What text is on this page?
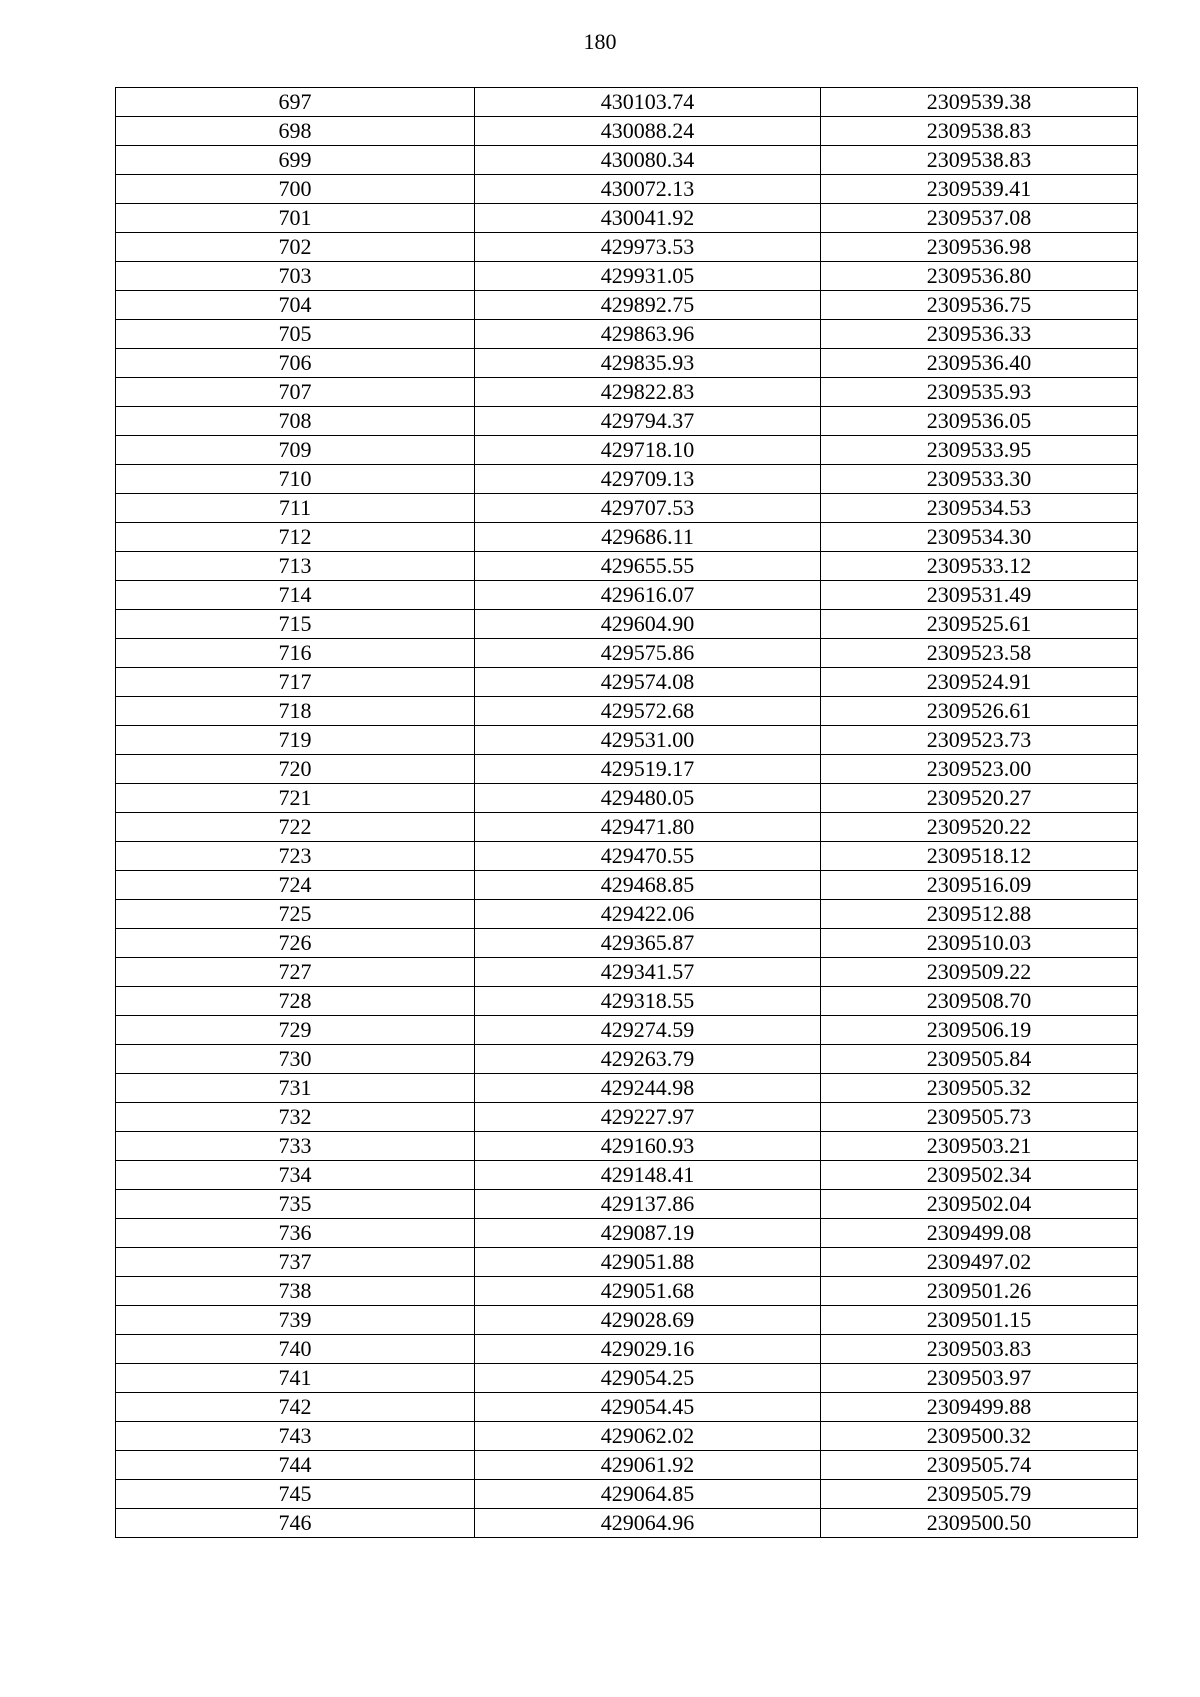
180
697	430103.74	2309539.38
698	430088.24	2309538.83
699	430080.34	2309538.83
700	430072.13	2309539.41
701	430041.92	2309537.08
702	429973.53	2309536.98
703	429931.05	2309536.80
704	429892.75	2309536.75
705	429863.96	2309536.33
706	429835.93	2309536.40
707	429822.83	2309535.93
708	429794.37	2309536.05
709	429718.10	2309533.95
710	429709.13	2309533.30
711	429707.53	2309534.53
712	429686.11	2309534.30
713	429655.55	2309533.12
714	429616.07	2309531.49
715	429604.90	2309525.61
716	429575.86	2309523.58
717	429574.08	2309524.91
718	429572.68	2309526.61
719	429531.00	2309523.73
720	429519.17	2309523.00
721	429480.05	2309520.27
722	429471.80	2309520.22
723	429470.55	2309518.12
724	429468.85	2309516.09
725	429422.06	2309512.88
726	429365.87	2309510.03
727	429341.57	2309509.22
728	429318.55	2309508.70
729	429274.59	2309506.19
730	429263.79	2309505.84
731	429244.98	2309505.32
732	429227.97	2309505.73
733	429160.93	2309503.21
734	429148.41	2309502.34
735	429137.86	2309502.04
736	429087.19	2309499.08
737	429051.88	2309497.02
738	429051.68	2309501.26
739	429028.69	2309501.15
740	429029.16	2309503.83
741	429054.25	2309503.97
742	429054.45	2309499.88
743	429062.02	2309500.32
744	429061.92	2309505.74
745	429064.85	2309505.79
746	429064.96	2309500.50
